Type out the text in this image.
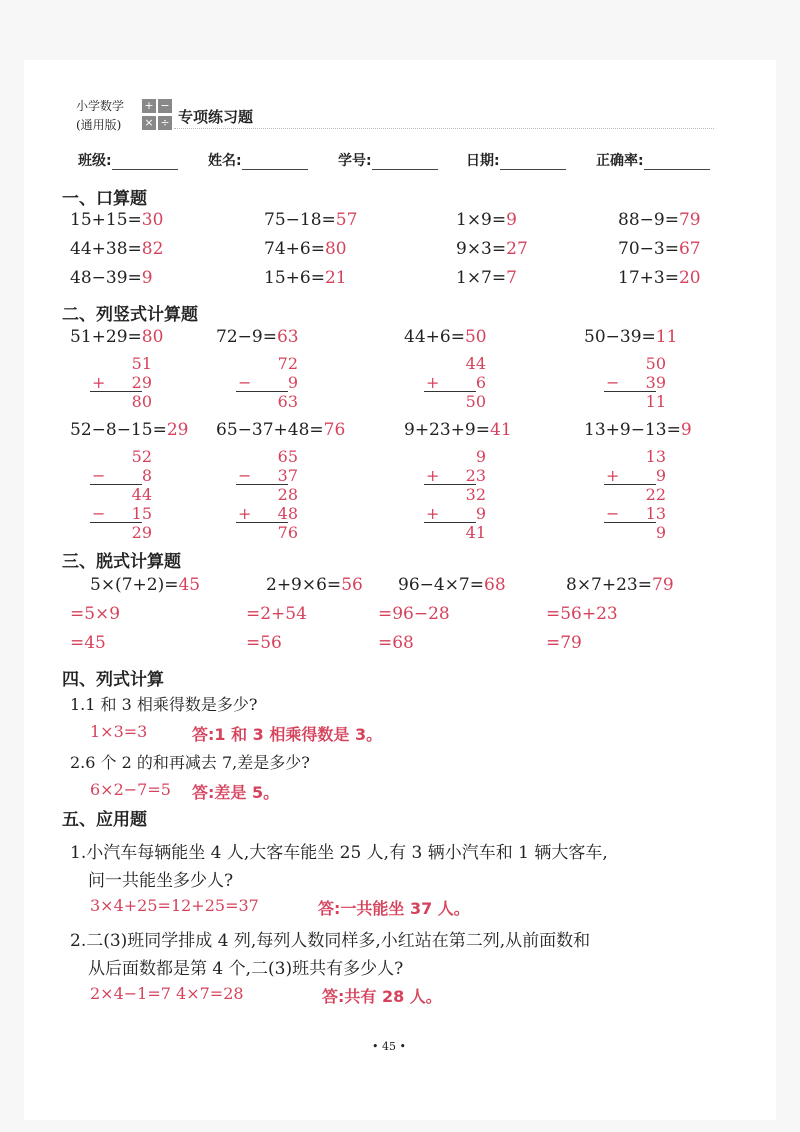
小学数学
(通用版)
+ −
× ÷ 专项练习题
班级:	姓名:	学号:	日期:	正确率:
一、口算题
15+15=30	75−18=57	1×9=9	88−9=79
44+38=82	74+6=80	9×3=27	70−3=67
48−39=9	15+6=21	1×7=7	17+3=20
二、列竖式计算题
51+29=80
51
+ 29
80
72−9=63
72
− 9
63
44+6=50
44
+ 6
50
50−39=11
50
− 39
11
52−8−15=29
52
− 8
44
− 15
29
65−37+48=76
65
− 37
28
+ 48
76
9+23+9=41
9
+ 23
32
+ 9
41
13+9−13=9
13
+ 9
22
− 13
9
三、脱式计算题
5×(7+2)=45
=5×9
=45
2+9×6=56
=2+54
=56
96−4×7=68
=96−28
=68
8×7+23=79
=56+23
=79
四、列式计算
1.1 和 3 相乘得数是多少?
1×3=3	答:1 和 3 相乘得数是 3。
2.6 个 2 的和再减去 7,差是多少?
6×2−7=5 答:差是 5。
五、应用题
1.小汽车每辆能坐 4 人,大客车能坐 25 人,有 3 辆小汽车和 1 辆大客车,
问一共能坐多少人?
3×4+25=12+25=37	答:一共能坐 37 人。
2.二(3)班同学排成 4 列,每列人数同样多,小红站在第二列,从前面数和
从后面数都是第 4 个,二(3)班共有多少人?
2×4−1=7 4×7=28	答:共有 28 人。
• 45 •
